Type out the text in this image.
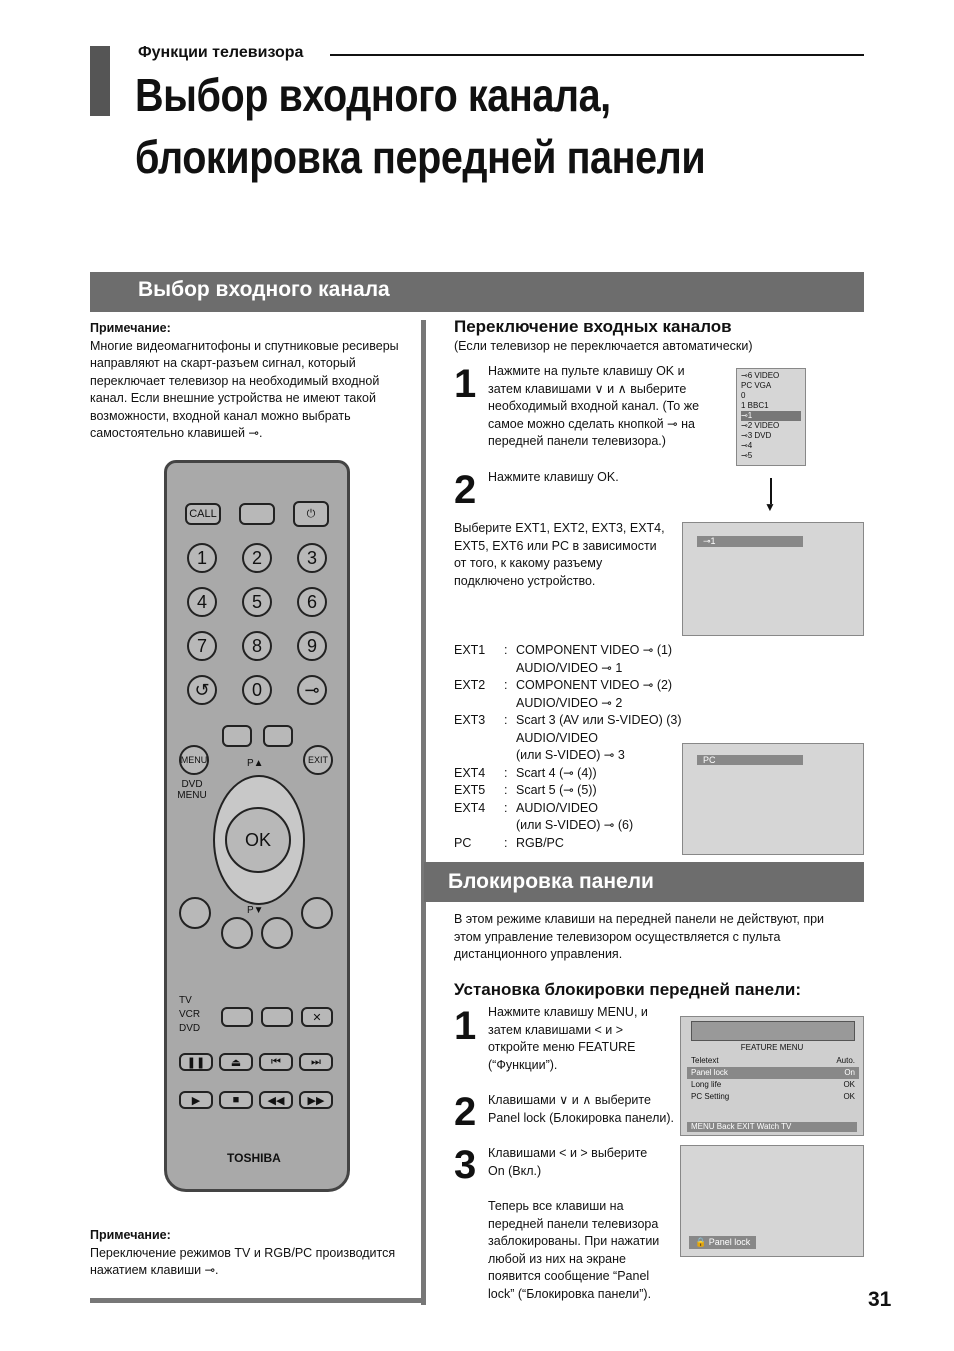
Функции телевизора
Выбор входного канала,
блокировка передней панели
Выбор входного канала
Примечание:
Многие видеомагнитофоны и спутниковые ресиверы направляют на скарт-разъем сигнал, который переключает телевизор на необходимый входной канал. Если внешние устройства не имеют такой возможности, входной канал можно выбрать самостоятельно клавишей ⊸.
CALL	⏻
1	2	3
4	5	6
7	8	9
↺	0	⊸
MENU	EXIT
P▲
DVD MENU
OK
P▼
TV
VCR
DVD
✕
❚❚ ⏏	⏮	⏭
▶	■	◀◀ ▶▶
TOSHIBA
Примечание:
Переключение режимов TV и RGB/PC производится нажатием клавиши ⊸.
Переключение входных каналов
(Если телевизор не переключается автоматически)
1 Нажмите на пульте клавишу OK и затем клавишами ∨ и ∧ выберите необходимый входной канал. (То же самое можно сделать кнопкой ⊸ на передней панели телевизора.)
⊸6 VIDEO
PC VGA
0
1 BBC1
⊸1
⊸2 VIDEO
⊸3 DVD
⊸4
⊸5
▼
2 Нажмите клавишу OK.
Выберите EXT1, EXT2, EXT3, EXT4, EXT5, EXT6 или PC в зависимости от того, к какому разъему подключено устройство.
⊸1
EXT1	: COMPONENT VIDEO ⊸ (1)
AUDIO/VIDEO ⊸ 1
EXT2	: COMPONENT VIDEO ⊸ (2)
AUDIO/VIDEO ⊸ 2
EXT3	: Scart 3 (AV или S-VIDEO) (3)
AUDIO/VIDEO
(или S-VIDEO) ⊸ 3
EXT4	: Scart 4 (⊸ (4))
EXT5	: Scart 5 (⊸ (5))
EXT4	: AUDIO/VIDEO
(или S-VIDEO) ⊸ (6)
PC	: RGB/PC
PC
Блокировка панели
В этом режиме клавиши на передней панели не действуют, при этом управление телевизором осуществляется с пульта дистанционного управления.
Установка блокировки передней панели:
1 Нажмите клавишу MENU, и затем клавишами < и > откройте меню FEATURE (“Функции”).
FEATURE MENU
Teletext	Auto.
Panel lock	On
Long life	OK
PC Setting	OK
MENU Back EXIT Watch TV
2 Клавишами ∨ и ∧ выберите Panel lock (Блокировка панели).
3 Клавишами < и > выберите On (Вкл.)
Теперь все клавиши на передней панели телевизора заблокированы. При нажатии любой из них на экране появится сообщение “Panel lock” (“Блокировка панели”).
🔒 Panel lock
31
